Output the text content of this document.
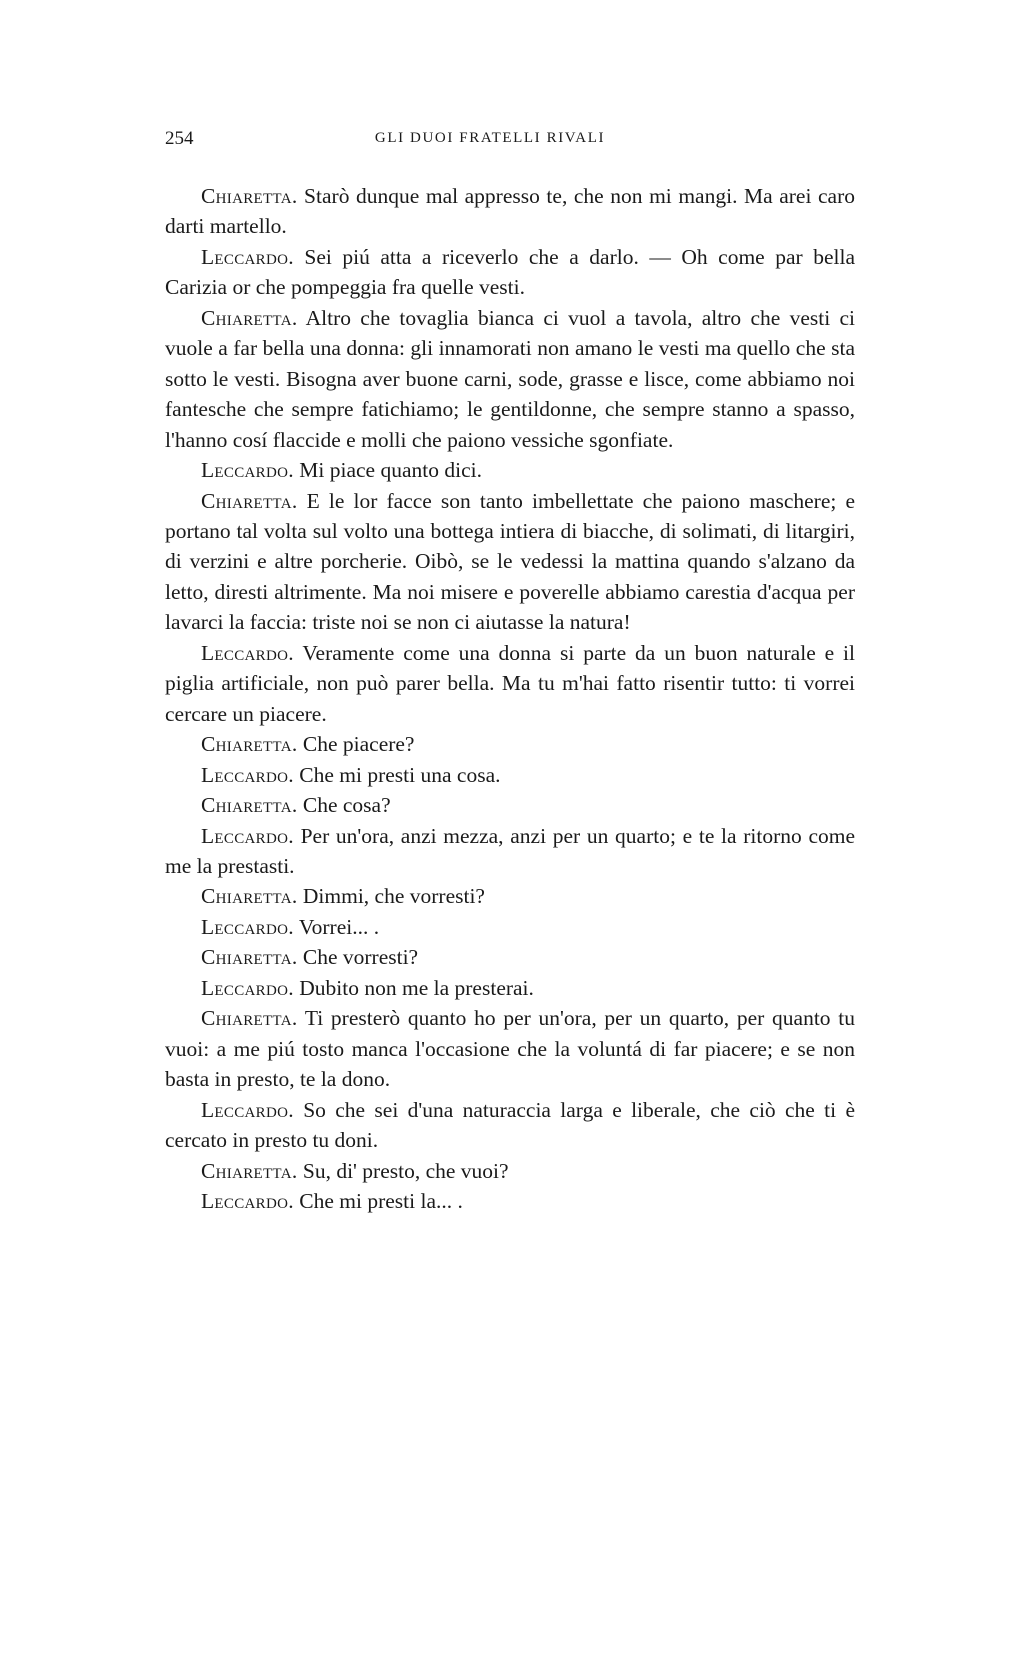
254	GLI DUOI FRATELLI RIVALI

Chiaretta. Starò dunque mal appresso te, che non mi mangi. Ma arei caro darti martello.

Leccardo. Sei piú atta a riceverlo che a darlo. — Oh come par bella Carizia or che pompeggia fra quelle vesti.

Chiaretta. Altro che tovaglia bianca ci vuol a tavola, altro che vesti ci vuole a far bella una donna: gli innamorati non amano le vesti ma quello che sta sotto le vesti. Bisogna aver buone carni, sode, grasse e lisce, come abbiamo noi fantesche che sempre fatichiamo; le gentildonne, che sempre stanno a spasso, l'hanno cosí flaccide e molli che paiono vessiche sgonfiate.

Leccardo. Mi piace quanto dici.

Chiaretta. E le lor facce son tanto imbellettate che paiono maschere; e portano tal volta sul volto una bottega intiera di biacche, di solimati, di litargiri, di verzini e altre porcherie. Oibò, se le vedessi la mattina quando s'alzano da letto, diresti altrimente. Ma noi misere e poverelle abbiamo carestia d'acqua per lavarci la faccia: triste noi se non ci aiutasse la natura!

Leccardo. Veramente come una donna si parte da un buon naturale e il piglia artificiale, non può parer bella. Ma tu m'hai fatto risentir tutto: ti vorrei cercare un piacere.

Chiaretta. Che piacere?

Leccardo. Che mi presti una cosa.

Chiaretta. Che cosa?

Leccardo. Per un'ora, anzi mezza, anzi per un quarto; e te la ritorno come me la prestasti.

Chiaretta. Dimmi, che vorresti?

Leccardo. Vorrei... .

Chiaretta. Che vorresti?

Leccardo. Dubito non me la presterai.

Chiaretta. Ti presterò quanto ho per un'ora, per un quarto, per quanto tu vuoi: a me piú tosto manca l'occasione che la voluntá di far piacere; e se non basta in presto, te la dono.

Leccardo. So che sei d'una naturaccia larga e liberale, che ciò che ti è cercato in presto tu doni.

Chiaretta. Su, di' presto, che vuoi?

Leccardo. Che mi presti la... .
